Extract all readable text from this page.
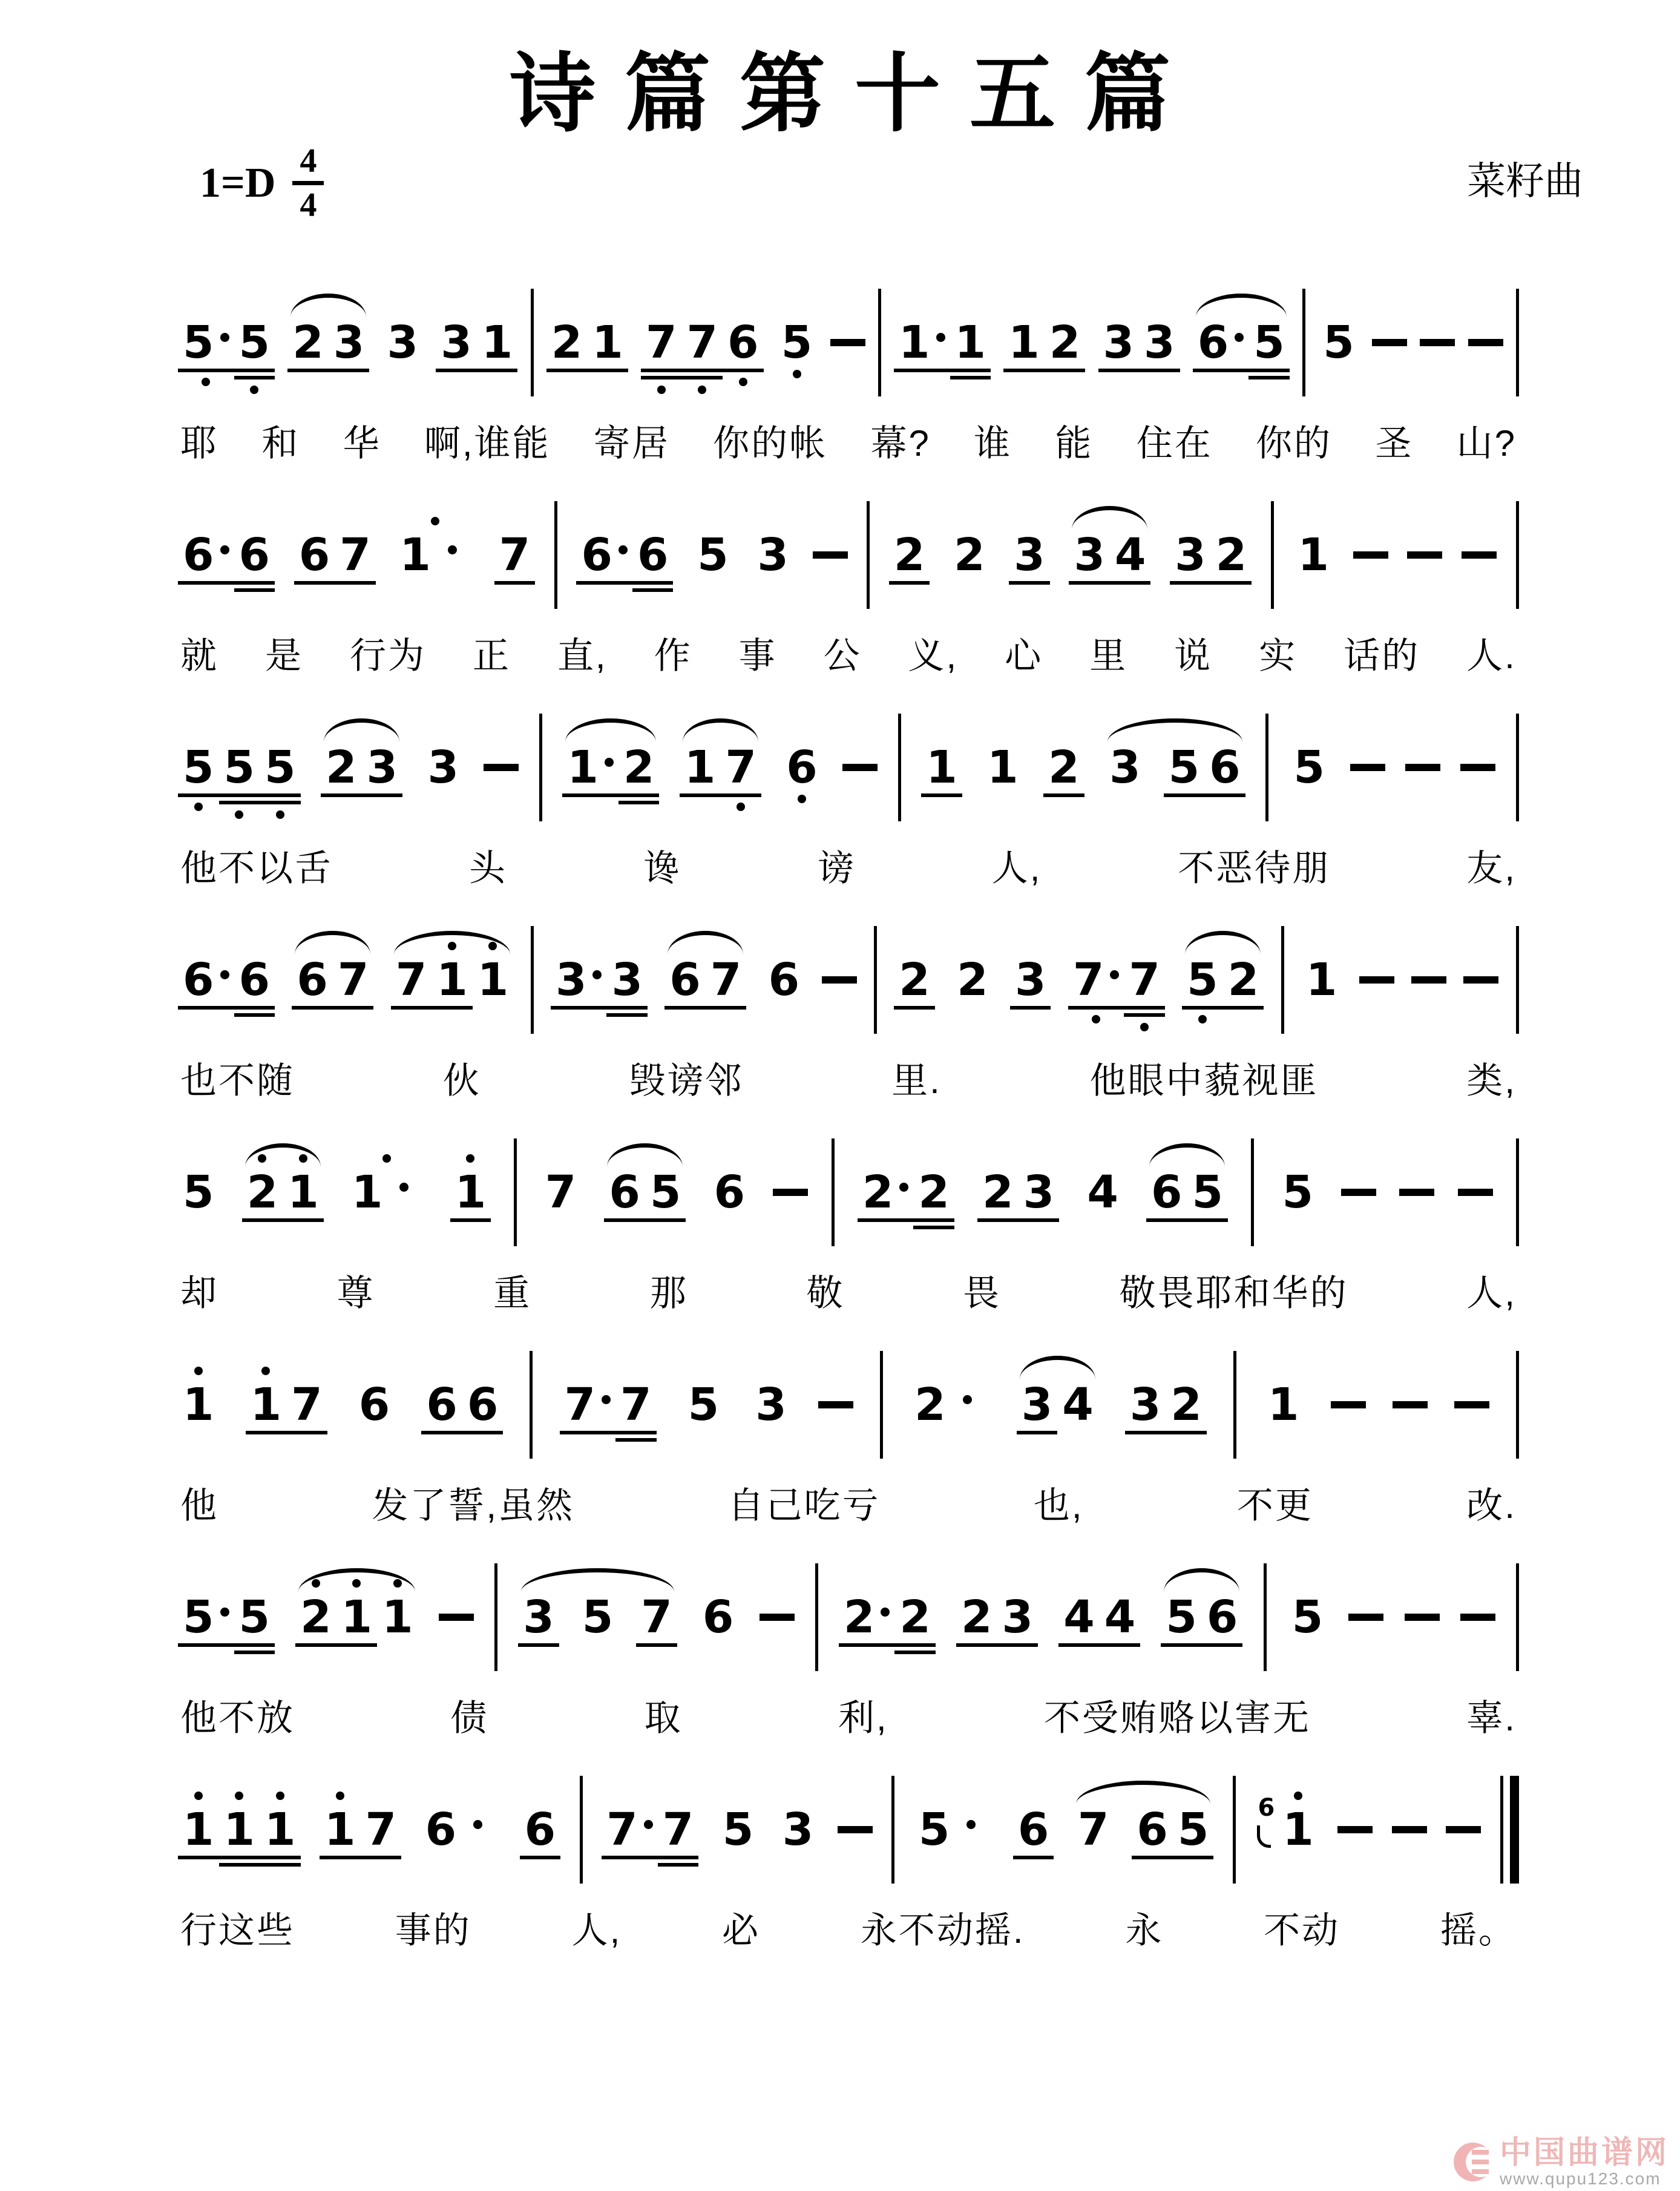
诗篇第十五篇
1=D 4
4
菜籽曲
5 5 2 3 3 3 1 2 1 7 7 6 5 1 1 1 2 3 3 6 5 5
耶 和 华 啊,谁能 寄居 你的帐 幕? 谁 能 住在 你的 圣 山?
6 6 6 7 1	7 6 6 5 3 2 2 3 3 4 3 2 1
就 是 行为 正 直, 作 事 公 义, 心 里 说 实 话的 人.
5 5 5 2 3 3 1 2 1 7 6 1 1 2 3 5 6 5
他不以舌	头	谗	谤	人,	不恶待朋	友,
6 6 6 7 7 1 1 3 3 6 7 6 2 2 3 7 7 5 2 1
也不随	伙	毁谤邻	里.	他眼中藐视匪	类,
5 2 1 1	1 7 6 5 6	2 2 2 3 4 6 5 5
却	尊	重	那	敬	畏	敬畏耶和华的	人,
1 1 7 6 6 6 7 7 5 3	2	3 4 3 2 1
他	发了誓,虽然	自己吃亏	也,	不更	改.
5 5 2 1 1 3 5 7 6 2 2 2 3 4 4 5 6 5
他不放	债	取	利,	不受贿赂以害无	辜.
1 1 1 1 7 6	6 7 7 5 3 5	6 7 6 5 6 1
行这些	事的	人,	必	永不动摇.	永	不动	摇。
中国曲谱网
www.qupu123.com
